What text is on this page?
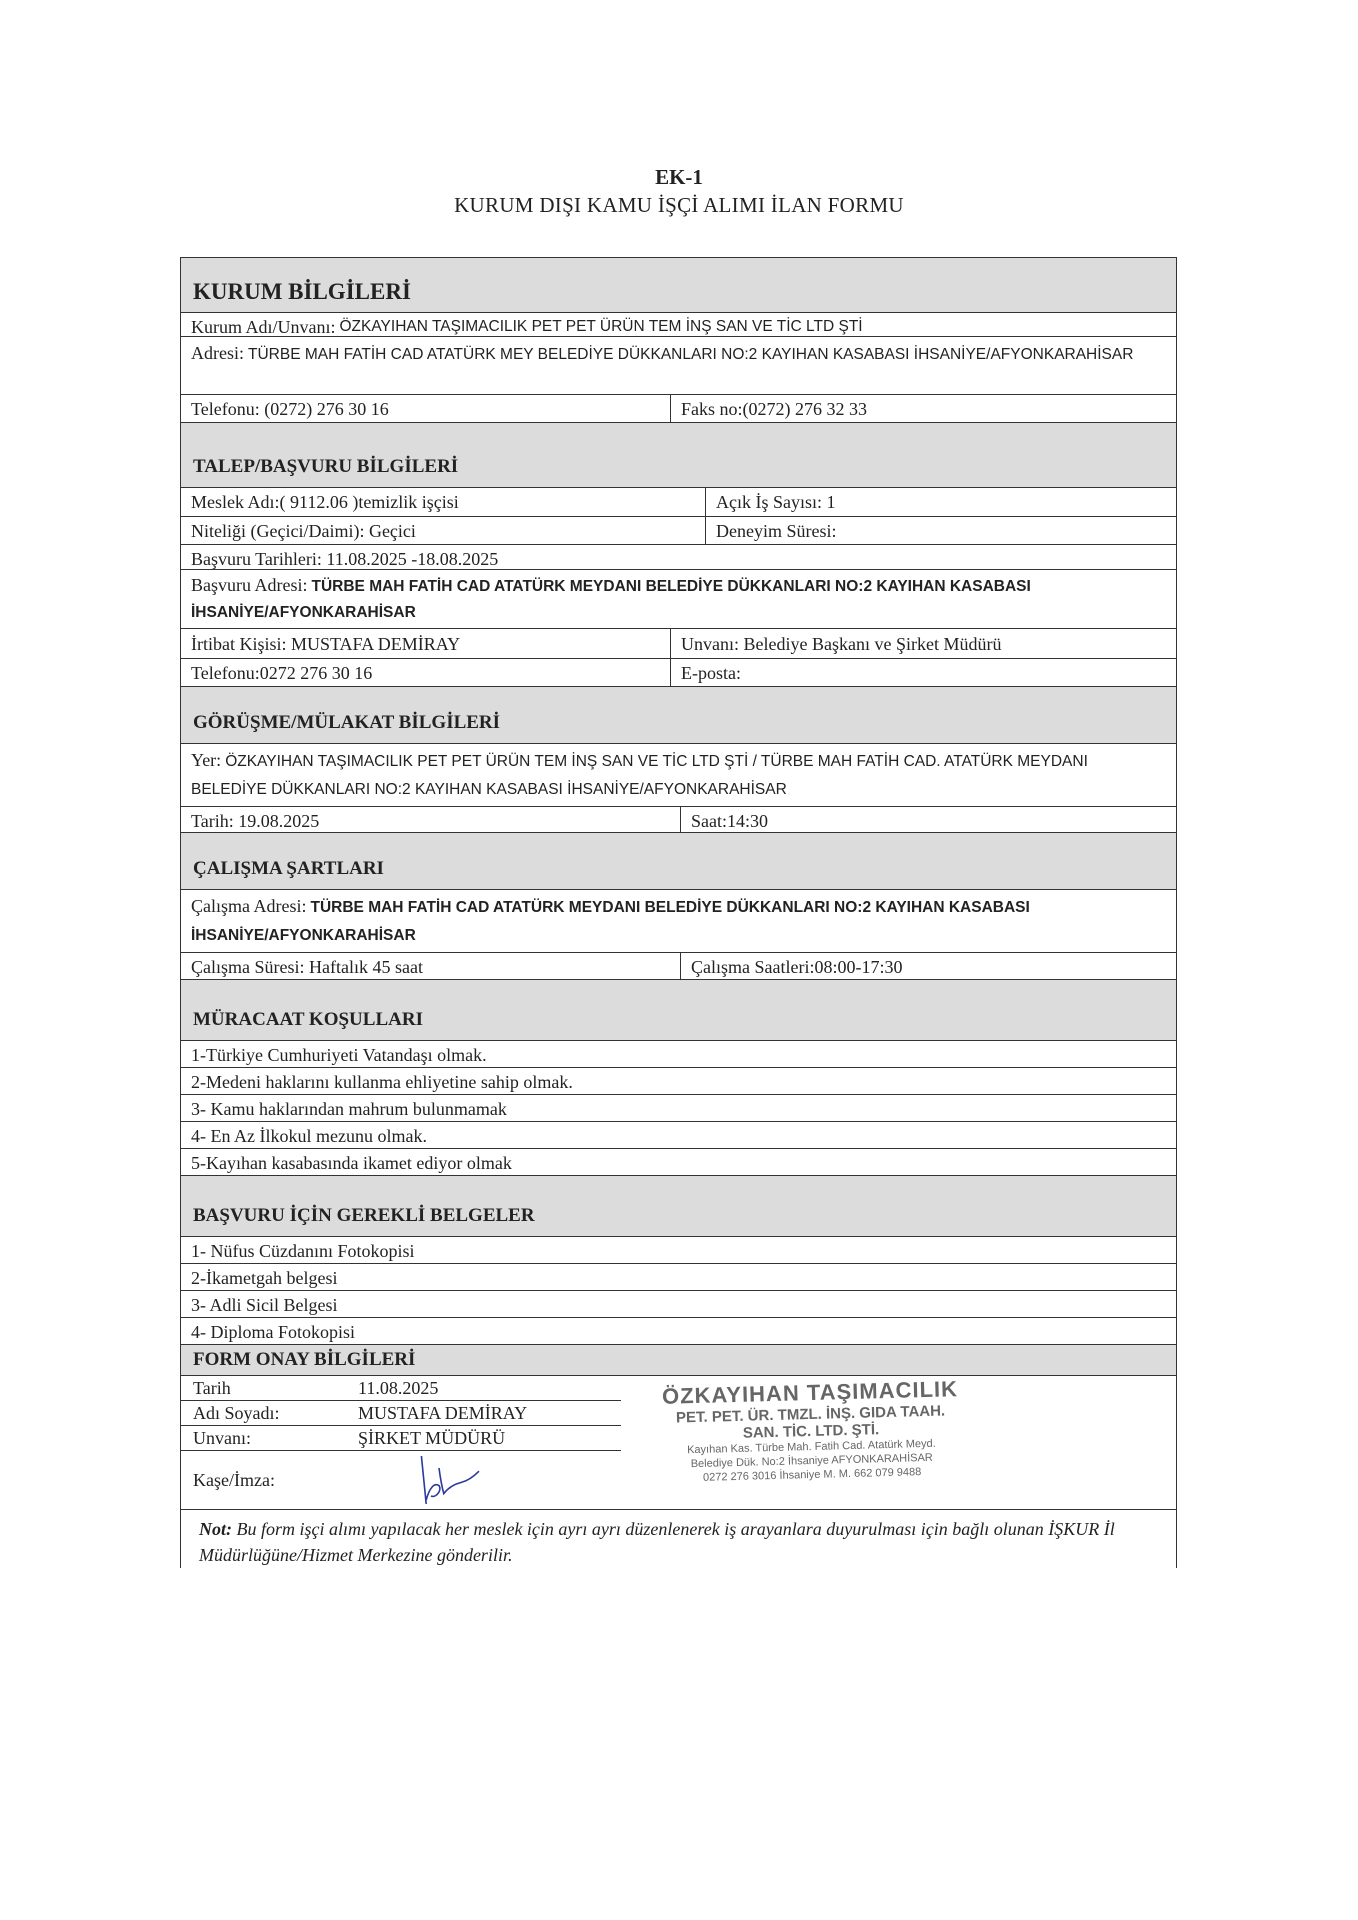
EK-1
KURUM DIŞI KAMU İŞÇİ ALIMI İLAN FORMU
KURUM BİLGİLERİ
Kurum Adı/Unvanı: ÖZKAYIHAN TAŞIMACILIK PET PET ÜRÜN TEM İNŞ SAN VE TİC LTD ŞTİ
Adresi: TÜRBE MAH FATİH CAD ATATÜRK MEY BELEDİYE DÜKKANLARI NO:2 KAYIHAN KASABASI İHSANİYE/AFYONKARAHİSAR
Telefonu: (0272) 276 30 16	Faks no:(0272) 276 32 33
TALEP/BAŞVURU BİLGİLERİ
Meslek Adı:( 9112.06 )temizlik işçisi	Açık İş Sayısı: 1
Niteliği (Geçici/Daimi): Geçici	Deneyim Süresi:
Başvuru Tarihleri: 11.08.2025 -18.08.2025
Başvuru Adresi: TÜRBE MAH FATİH CAD ATATÜRK MEYDANI BELEDİYE DÜKKANLARI NO:2 KAYIHAN KASABASI İHSANİYE/AFYONKARAHİSAR
İrtibat Kişisi: MUSTAFA DEMİRAY	Unvanı: Belediye Başkanı ve Şirket Müdürü
Telefonu:0272 276 30 16	E-posta:
GÖRÜŞME/MÜLAKAT BİLGİLERİ
Yer: ÖZKAYIHAN TAŞIMACILIK PET PET ÜRÜN TEM İNŞ SAN VE TİC LTD ŞTİ / TÜRBE MAH FATİH CAD. ATATÜRK MEYDANI BELEDİYE DÜKKANLARI NO:2 KAYIHAN KASABASI İHSANİYE/AFYONKARAHİSAR
Tarih: 19.08.2025	Saat:14:30
ÇALIŞMA ŞARTLARI
Çalışma Adresi: TÜRBE MAH FATİH CAD ATATÜRK MEYDANI BELEDİYE DÜKKANLARI NO:2 KAYIHAN KASABASI İHSANİYE/AFYONKARAHİSAR
Çalışma Süresi: Haftalık 45 saat	Çalışma Saatleri:08:00-17:30
MÜRACAAT KOŞULLARI
1-Türkiye Cumhuriyeti Vatandaşı olmak.
2-Medeni haklarını kullanma ehliyetine sahip olmak.
3- Kamu haklarından mahrum bulunmamak
4- En Az İlkokul mezunu olmak.
5-Kayıhan kasabasında ikamet ediyor olmak
BAŞVURU İÇİN GEREKLİ BELGELER
1- Nüfus Cüzdanını Fotokopisi
2-İkametgah belgesi
3- Adli Sicil Belgesi
4- Diploma Fotokopisi
FORM ONAY BİLGİLERİ
Tarih	11.08.2025
Adı Soyadı:	MUSTAFA DEMİRAY
Unvanı:	ŞİRKET MÜDÜRÜ
Kaşe/İmza:
ÖZKAYIHAN TAŞIMACILIK
PET. PET. ÜR. TMZL. İNŞ. GIDA TAAH.
SAN. TİC. LTD. ŞTİ.
Kayıhan Kas. Türbe Mah. Fatih Cad. Atatürk Meyd.
Belediye Dük. No:2 İhsaniye AFYONKARAHİSAR
0272 276 3016 İhsaniye M. M. 662 079 9488
Not: Bu form işçi alımı yapılacak her meslek için ayrı ayrı düzenlenerek iş arayanlara duyurulması için bağlı olunan İŞKUR İl Müdürlüğüne/Hizmet Merkezine gönderilir.
